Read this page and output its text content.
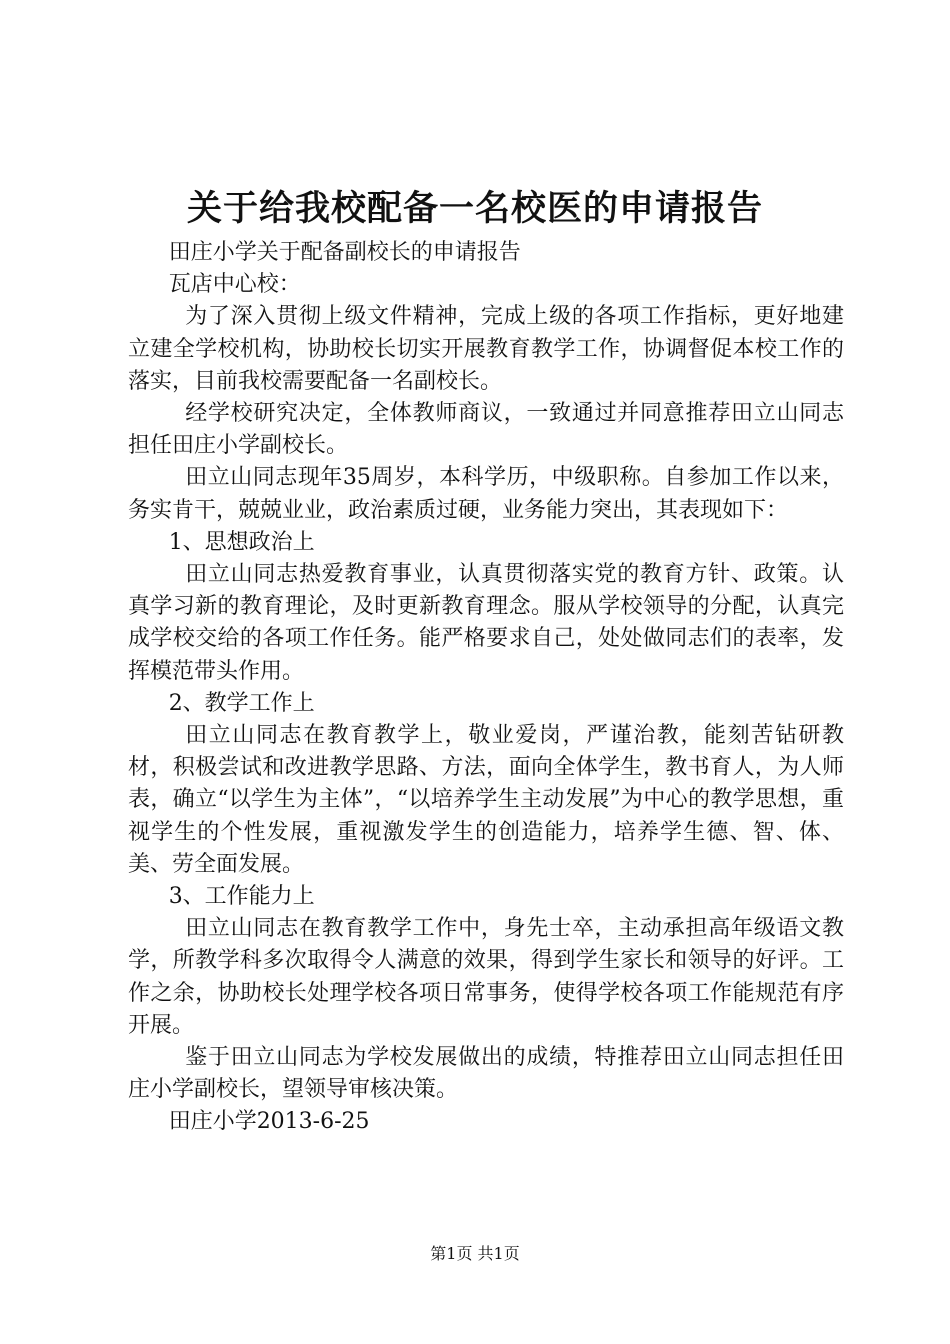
关于给我校配备一名校医的申请报告

田庄小学关于配备副校长的申请报告

瓦店中心校：

为了深入贯彻上级文件精神，完成上级的各项工作指标，更好地建立建全学校机构，协助校长切实开展教育教学工作，协调督促本校工作的落实，目前我校需要配备一名副校长。

经学校研究决定，全体教师商议，一致通过并同意推荐田立山同志担任田庄小学副校长。

田立山同志现年35周岁，本科学历，中级职称。自参加工作以来，务实肯干，兢兢业业，政治素质过硬，业务能力突出，其表现如下：

1、思想政治上

田立山同志热爱教育事业，认真贯彻落实党的教育方针、政策。认真学习新的教育理论，及时更新教育理念。服从学校领导的分配，认真完成学校交给的各项工作任务。能严格要求自己，处处做同志们的表率，发挥模范带头作用。

2、教学工作上

田立山同志在教育教学上，敬业爱岗，严谨治教，能刻苦钻研教材，积极尝试和改进教学思路、方法，面向全体学生，教书育人，为人师表，确立“以学生为主体”，“以培养学生主动发展”为中心的教学思想，重视学生的个性发展，重视激发学生的创造能力，培养学生德、智、体、美、劳全面发展。

3、工作能力上

田立山同志在教育教学工作中，身先士卒，主动承担高年级语文教学，所教学科多次取得令人满意的效果，得到学生家长和领导的好评。工作之余，协助校长处理学校各项日常事务，使得学校各项工作能规范有序开展。

鉴于田立山同志为学校发展做出的成绩，特推荐田立山同志担任田庄小学副校长，望领导审核决策。

田庄小学2013-6-25

第1页 共1页
